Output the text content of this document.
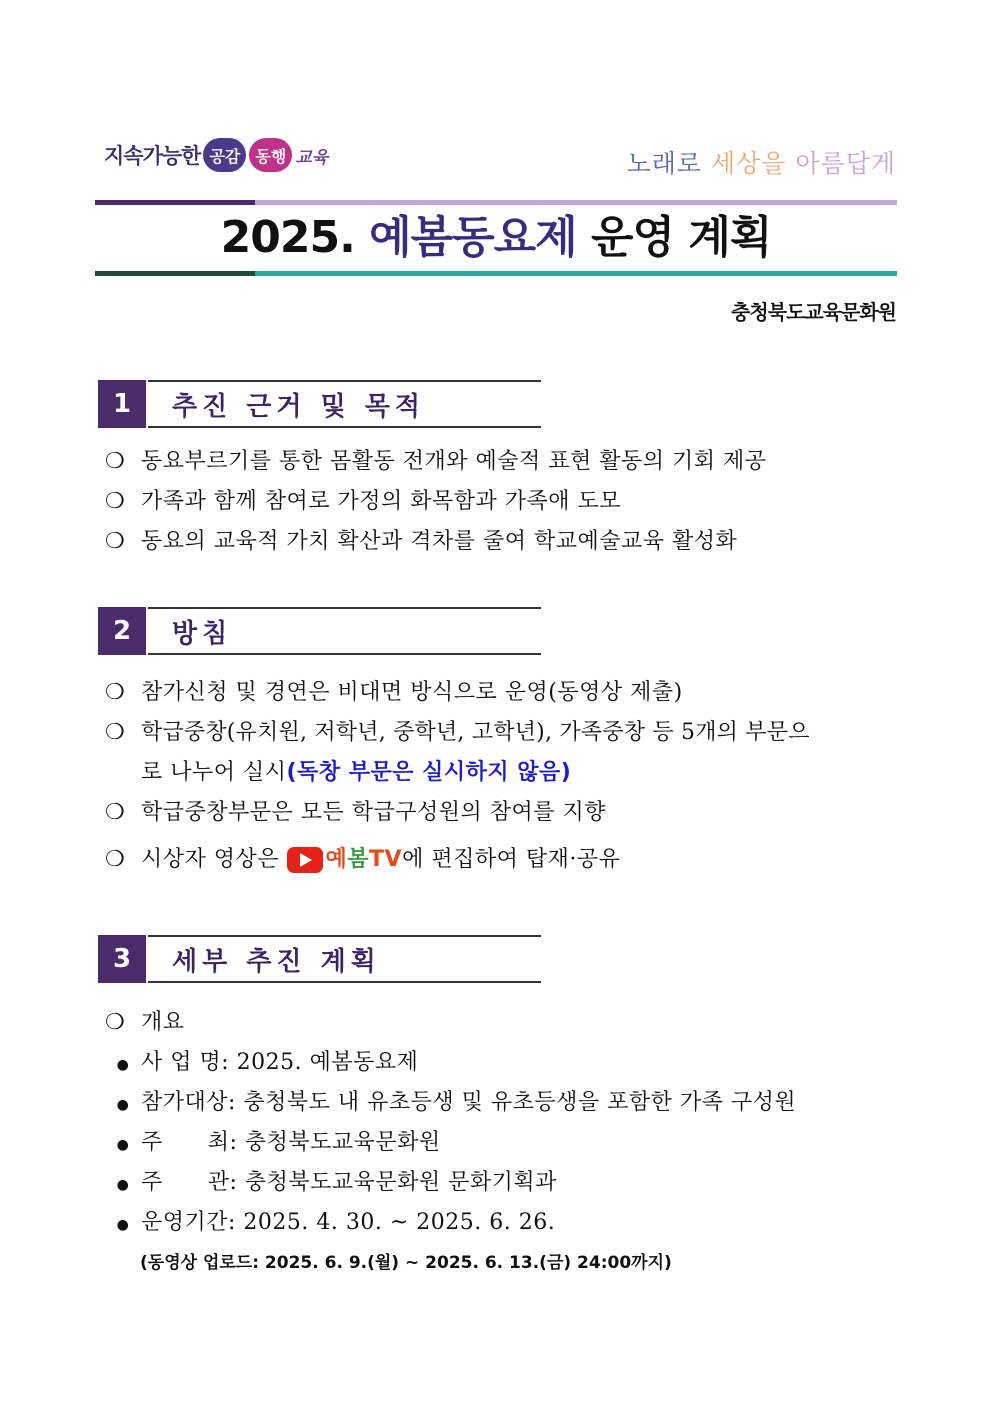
지속가능한 공감 동행 교육	노래로 세상을 아름답게
2025. 예봄동요제 운영 계획
충청북도교육문화원
1	추진 근거 및 목적
❍ 동요부르기를 통한 몸활동 전개와 예술적 표현 활동의 기회 제공
❍ 가족과 함께 참여로 가정의 화목함과 가족애 도모
❍ 동요의 교육적 가치 확산과 격차를 줄여 학교예술교육 활성화
2	방침
❍ 참가신청 및 경연은 비대면 방식으로 운영(동영상 제출)
❍ 학급중창(유치원, 저학년, 중학년, 고학년), 가족중창 등 5개의 부문으
로 나누어 실시(독창 부문은 실시하지 않음)
❍ 학급중창부문은 모든 학급구성원의 참여를 지향
❍ 시상자 영상은 예봄TV에 편집하여 탑재·공유
3	세부 추진 계획
❍ 개요
● 사 업 명: 2025. 예봄동요제
● 참가대상: 충청북도 내 유초등생 및 유초등생을 포함한 가족 구성원
● 주      최: 충청북도교육문화원
● 주      관: 충청북도교육문화원 문화기획과
● 운영기간: 2025. 4. 30. ~ 2025. 6. 26.
(동영상 업로드: 2025. 6. 9.(월) ~ 2025. 6. 13.(금) 24:00까지)
